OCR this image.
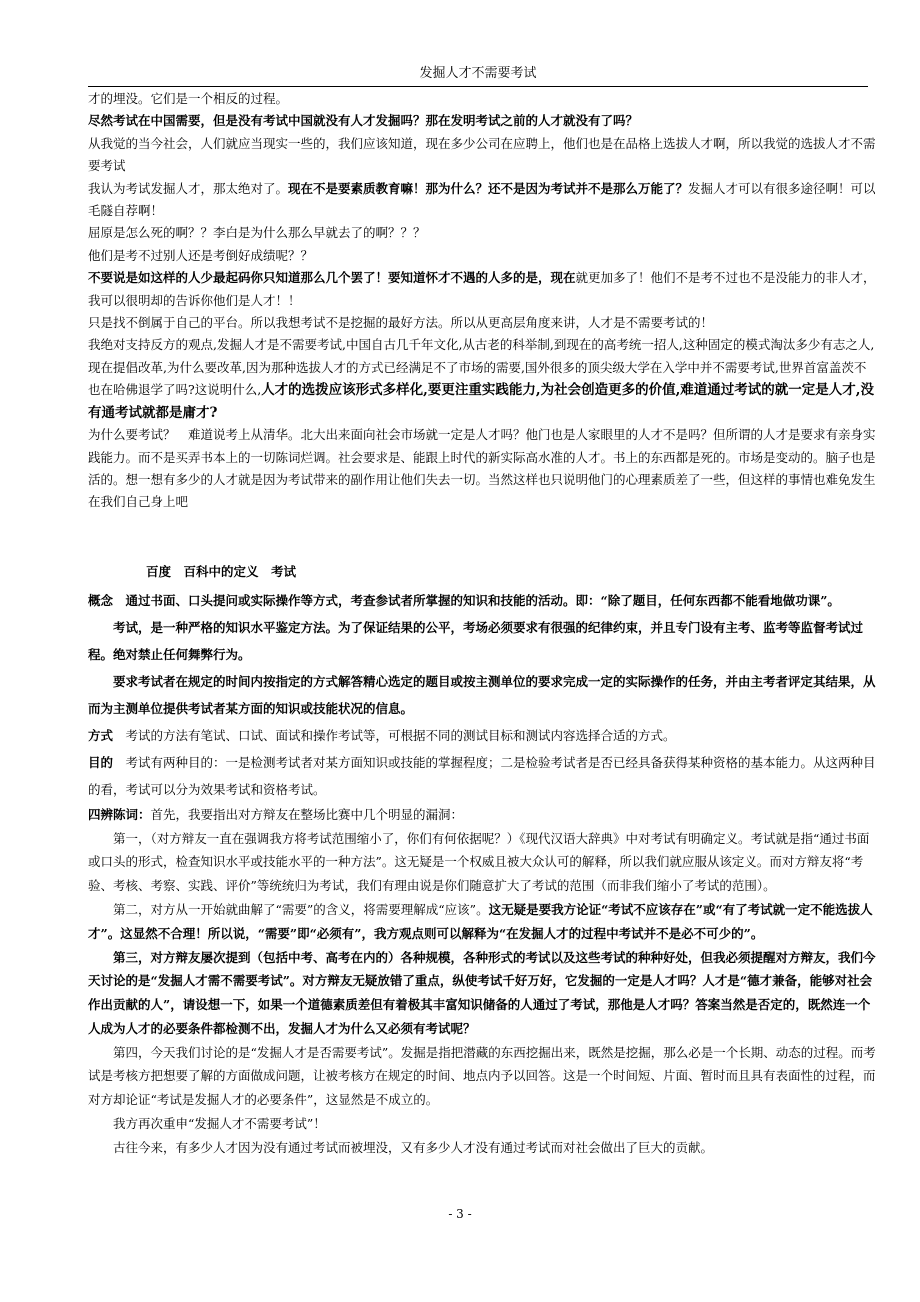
发掘人才不需要考试

才的埋没。它们是一个相反的过程。

尽然考试在中国需要，但是没有考试中国就没有人才发掘吗？那在发明考试之前的人才就没有了吗？

从我觉的当今社会，人们就应当现实一些的，我们应该知道，现在多少公司在应聘上，他们也是在品格上选拔人才啊，所以我觉的选拔人才不需要考试

我认为考试发掘人才，那太绝对了。现在不是要素质教育嘛！那为什么？还不是因为考试并不是那么万能了？发掘人才可以有很多途径啊！可以毛隧自荐啊！

屈原是怎么死的啊？？李白是为什么那么早就去了的啊？？？

他们是考不过别人还是考倒好成绩呢？？

不要说是如这样的人少最起码你只知道那么几个罢了！要知道怀才不遇的人多的是，现在就更加多了！他们不是考不过也不是没能力的非人才，我可以很明却的告诉你他们是人才！！

只是找不倒属于自己的平台。所以我想考试不是挖掘的最好方法。所以从更高层角度来讲，人才是不需要考试的！

我绝对支持反方的观点,发掘人才是不需要考试,中国自古几千年文化,从古老的科举制,到现在的高考统一招人,这种固定的模式淘汰多少有志之人,现在提倡改革,为什么要改革,因为那种选拔人才的方式已经满足不了市场的需要,国外很多的顶尖级大学在入学中并不需要考试,世界首富盖茨不也在哈佛退学了吗?这说明什么,人才的选拨应该形式多样化,要更注重实践能力,为社会创造更多的价值,难道通过考试的就一定是人才,没有通考试就都是庸才?

为什么要考试？　难道说考上从清华。北大出来面向社会市场就一定是人才吗？他门也是人家眼里的人才不是吗？但所谓的人才是要求有亲身实践能力。而不是买弄书本上的一切陈词烂调。社会要求是、能跟上时代的新实际高水准的人才。书上的东西都是死的。市场是变动的。脑子也是活的。想一想有多少的人才就是因为考试带来的副作用让他们失去一切。当然这样也只说明他门的心理素质差了一些，但这样的事情也难免发生在我们自己身上吧

百度　百科中的定义　考试

概念　 通过书面、口头提问或实际操作等方式，考查参试者所掌握的知识和技能的活动。即：“除了题目，任何东西都不能看地做功课”。

考试，是一种严格的知识水平鉴定方法。为了保证结果的公平，考场必须要求有很强的纪律约束，并且专门设有主考、监考等监督考试过程。绝对禁止任何舞弊行为。

要求考试者在规定的时间内按指定的方式解答精心选定的题目或按主测单位的要求完成一定的实际操作的任务，并由主考者评定其结果，从而为主测单位提供考试者某方面的知识或技能状况的信息。

方式　 考试的方法有笔试、口试、面试和操作考试等，可根据不同的测试目标和测试内容选择合适的方式。

目的　 考试有两种目的：一是检测考试者对某方面知识或技能的掌握程度；二是检验考试者是否已经具备获得某种资格的基本能力。从这两种目的看，考试可以分为效果考试和资格考试。

四辨陈词：首先，我要指出对方辩友在整场比赛中几个明显的漏洞：

第一，（对方辩友一直在强调我方将考试范围缩小了，你们有何依据呢？）《现代汉语大辞典》中对考试有明确定义。考试就是指“通过书面或口头的形式，检查知识水平或技能水平的一种方法”。这无疑是一个权威且被大众认可的解释，所以我们就应服从该定义。而对方辩友将“考验、考核、考察、实践、评价”等统统归为考试，我们有理由说是你们随意扩大了考试的范围（而非我们缩小了考试的范围）。

第二，对方从一开始就曲解了“需要”的含义，将需要理解成“应该”。这无疑是要我方论证“考试不应该存在”或“有了考试就一定不能选拔人才”。这显然不合理！所以说，“需要”即“必须有”，我方观点则可以解释为“在发掘人才的过程中考试并不是必不可少的”。

第三，对方辩友屡次提到（包括中考、高考在内的）各种规模，各种形式的考试以及这些考试的种种好处，但我必须提醒对方辩友，我们今天讨论的是“发掘人才需不需要考试”。对方辩友无疑放错了重点，纵使考试千好万好，它发掘的一定是人才吗？人才是“德才兼备，能够对社会作出贡献的人”，请设想一下，如果一个道德素质差但有着极其丰富知识储备的人通过了考试，那他是人才吗？答案当然是否定的，既然连一个人成为人才的必要条件都检测不出，发掘人才为什么又必须有考试呢？

第四，今天我们讨论的是“发掘人才是否需要考试”。发掘是指把潜藏的东西挖掘出来，既然是挖掘，那么必是一个长期、动态的过程。而考试是考核方把想要了解的方面做成问题，让被考核方在规定的时间、地点内予以回答。这是一个时间短、片面、暂时而且具有表面性的过程，而对方却论证“考试是发掘人才的必要条件”，这显然是不成立的。

我方再次重申“发掘人才不需要考试”！

古往今来，有多少人才因为没有通过考试而被埋没，又有多少人才没有通过考试而对社会做出了巨大的贡献。

- 3 -
